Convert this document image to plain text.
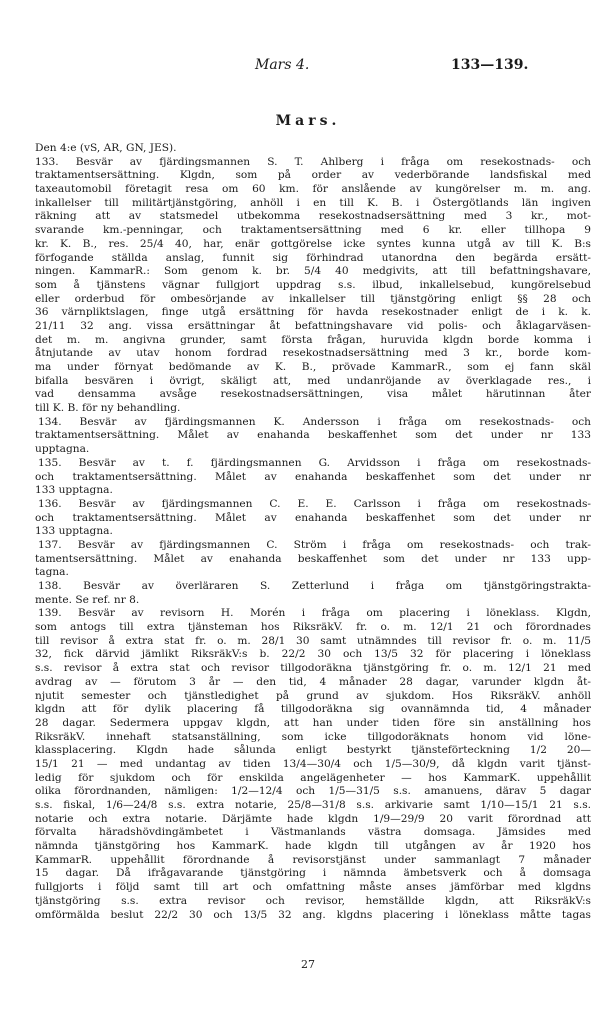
Mars 4.	133—139.
Mars.
Den 4:e (vS, AR, GN, JES).
133. Besvär av fjärdingsmannen S. T. Ahlberg i fråga om resekostnads- och
traktamentsersättning. Klgdn, som på order av vederbörande landsfiskal med
taxeautomobil företagit resa om 60 km. för anslående av kungörelser m. m. ang.
inkallelser till militärtjänstgöring, anhöll i en till K. B. i Östergötlands län ingiven
räkning att av statsmedel utbekomma resekostnadsersättning med 3 kr., mot-
svarande km.-penningar, och traktamentsersättning med 6 kr. eller tillhopa 9
kr. K. B., res. 25/4 40, har, enär gottgörelse icke syntes kunna utgå av till K. B:s
förfogande ställda anslag, funnit sig förhindrad utanordna den begärda ersätt-
ningen. KammarR.: Som genom k. br. 5/4 40 medgivits, att till befattningshavare,
som å tjänstens vägnar fullgjort uppdrag s.s. ilbud, inkallelsebud, kungörelsebud
eller orderbud för ombesörjande av inkallelser till tjänstgöring enligt §§ 28 och
36 värnpliktslagen, finge utgå ersättning för havda resekostnader enligt de i k. k.
21/11 32 ang. vissa ersättningar åt befattningshavare vid polis- och åklagarväsen-
det m. m. angivna grunder, samt första frågan, huruvida klgdn borde komma i
åtnjutande av utav honom fordrad resekostnadsersättning med 3 kr., borde kom-
ma under förnyat bedömande av K. B., prövade KammarR., som ej fann skäl
bifalla besvären i övrigt, skäligt att, med undanröjande av överklagade res., i
vad densamma avsåge resekostnadsersättningen, visa målet härutinnan åter
till K. B. för ny behandling.
134. Besvär av fjärdingsmannen K. Andersson i fråga om resekostnads- och
traktamentsersättning. Målet av enahanda beskaffenhet som det under nr 133
upptagna.
135. Besvär av t. f. fjärdingsmannen G. Arvidsson i fråga om resekostnads-
och traktamentsersättning. Målet av enahanda beskaffenhet som det under nr
133 upptagna.
136. Besvär av fjärdingsmannen C. E. E. Carlsson i fråga om resekostnads-
och traktamentsersättning. Målet av enahanda beskaffenhet som det under nr
133 upptagna.
137. Besvär av fjärdingsmannen C. Ström i fråga om resekostnads- och trak-
tamentsersättning. Målet av enahanda beskaffenhet som det under nr 133 upp-
tagna.
138. Besvär av överläraren S. Zetterlund i fråga om tjänstgöringstrakta-
mente. Se ref. nr 8.
139. Besvär av revisorn H. Morén i fråga om placering i löneklass. Klgdn,
som antogs till extra tjänsteman hos RiksräkV. fr. o. m. 12/1 21 och förordnades
till revisor å extra stat fr. o. m. 28/1 30 samt utnämndes till revisor fr. o. m. 11/5
32, fick därvid jämlikt RiksräkV:s b. 22/2 30 och 13/5 32 för placering i löneklass
s.s. revisor å extra stat och revisor tillgodoräkna tjänstgöring fr. o. m. 12/1 21 med
avdrag av — förutom 3 år — den tid, 4 månader 28 dagar, varunder klgdn åt-
njutit semester och tjänstledighet på grund av sjukdom. Hos RiksräkV. anhöll
klgdn att för dylik placering få tillgodoräkna sig ovannämnda tid, 4 månader
28 dagar. Sedermera uppgav klgdn, att han under tiden före sin anställning hos
RiksräkV. innehaft statsanställning, som icke tillgodoräknats honom vid löne-
klassplacering. Klgdn hade sålunda enligt bestyrkt tjänsteförteckning 1/2 20—
15/1 21 — med undantag av tiden 13/4—30/4 och 1/5—30/9, då klgdn varit tjänst-
ledig för sjukdom och för enskilda angelägenheter — hos KammarK. uppehållit
olika förordnanden, nämligen: 1/2—12/4 och 1/5—31/5 s.s. amanuens, därav 5 dagar
s.s. fiskal, 1/6—24/8 s.s. extra notarie, 25/8—31/8 s.s. arkivarie samt 1/10—15/1 21 s.s.
notarie och extra notarie. Därjämte hade klgdn 1/9—29/9 20 varit förordnad att
förvalta häradshövdingämbetet i Västmanlands västra domsaga. Jämsides med
nämnda tjänstgöring hos KammarK. hade klgdn till utgången av år 1920 hos
KammarR. uppehållit förordnande å revisorstjänst under sammanlagt 7 månader
15 dagar. Då ifrågavarande tjänstgöring i nämnda ämbetsverk och å domsaga
fullgjorts i följd samt till art och omfattning måste anses jämförbar med klgdns
tjänstgöring s.s. extra revisor och revisor, hemställde klgdn, att RiksräkV:s
omförmälda beslut 22/2 30 och 13/5 32 ang. klgdns placering i löneklass måtte tagas
27
